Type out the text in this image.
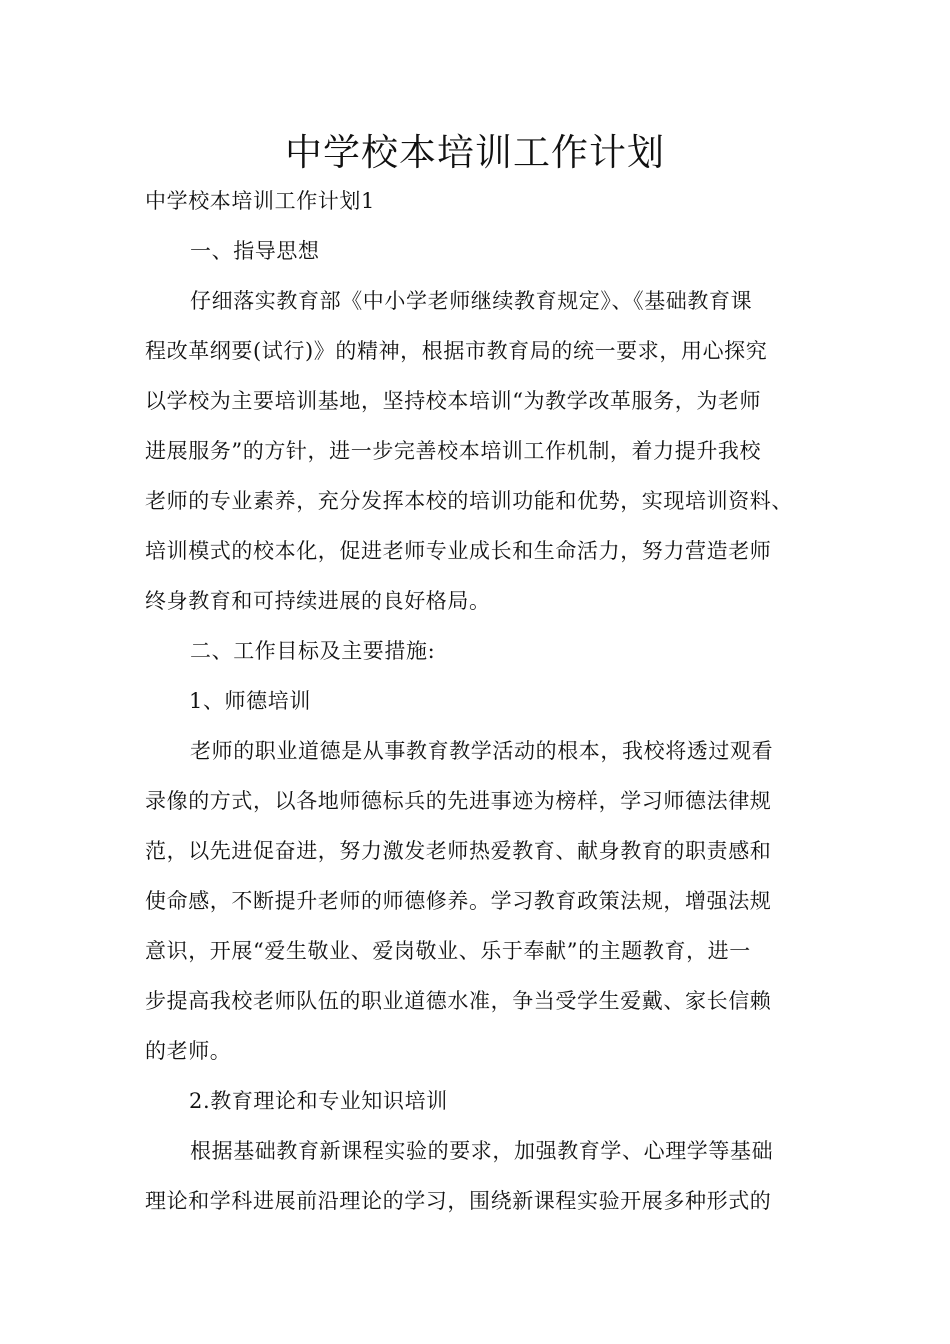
中学校本培训工作计划
中学校本培训工作计划1
一、指导思想
仔细落实教育部《中小学老师继续教育规定》、《基础教育课
程改革纲要(试行)》的精神，根据市教育局的统一要求，用心探究
以学校为主要培训基地，坚持校本培训“为教学改革服务，为老师
进展服务”的方针，进一步完善校本培训工作机制，着力提升我校
老师的专业素养，充分发挥本校的培训功能和优势，实现培训资料、
培训模式的校本化，促进老师专业成长和生命活力，努力营造老师
终身教育和可持续进展的良好格局。
二、工作目标及主要措施:
1、师德培训
老师的职业道德是从事教育教学活动的根本，我校将透过观看
录像的方式，以各地师德标兵的先进事迹为榜样，学习师德法律规
范，以先进促奋进，努力激发老师热爱教育、献身教育的职责感和
使命感，不断提升老师的师德修养。学习教育政策法规，增强法规
意识，开展“爱生敬业、爱岗敬业、乐于奉献”的主题教育，进一
步提高我校老师队伍的职业道德水准，争当受学生爱戴、家长信赖
的老师。
2.教育理论和专业知识培训
根据基础教育新课程实验的要求，加强教育学、心理学等基础
理论和学科进展前沿理论的学习，围绕新课程实验开展多种形式的
